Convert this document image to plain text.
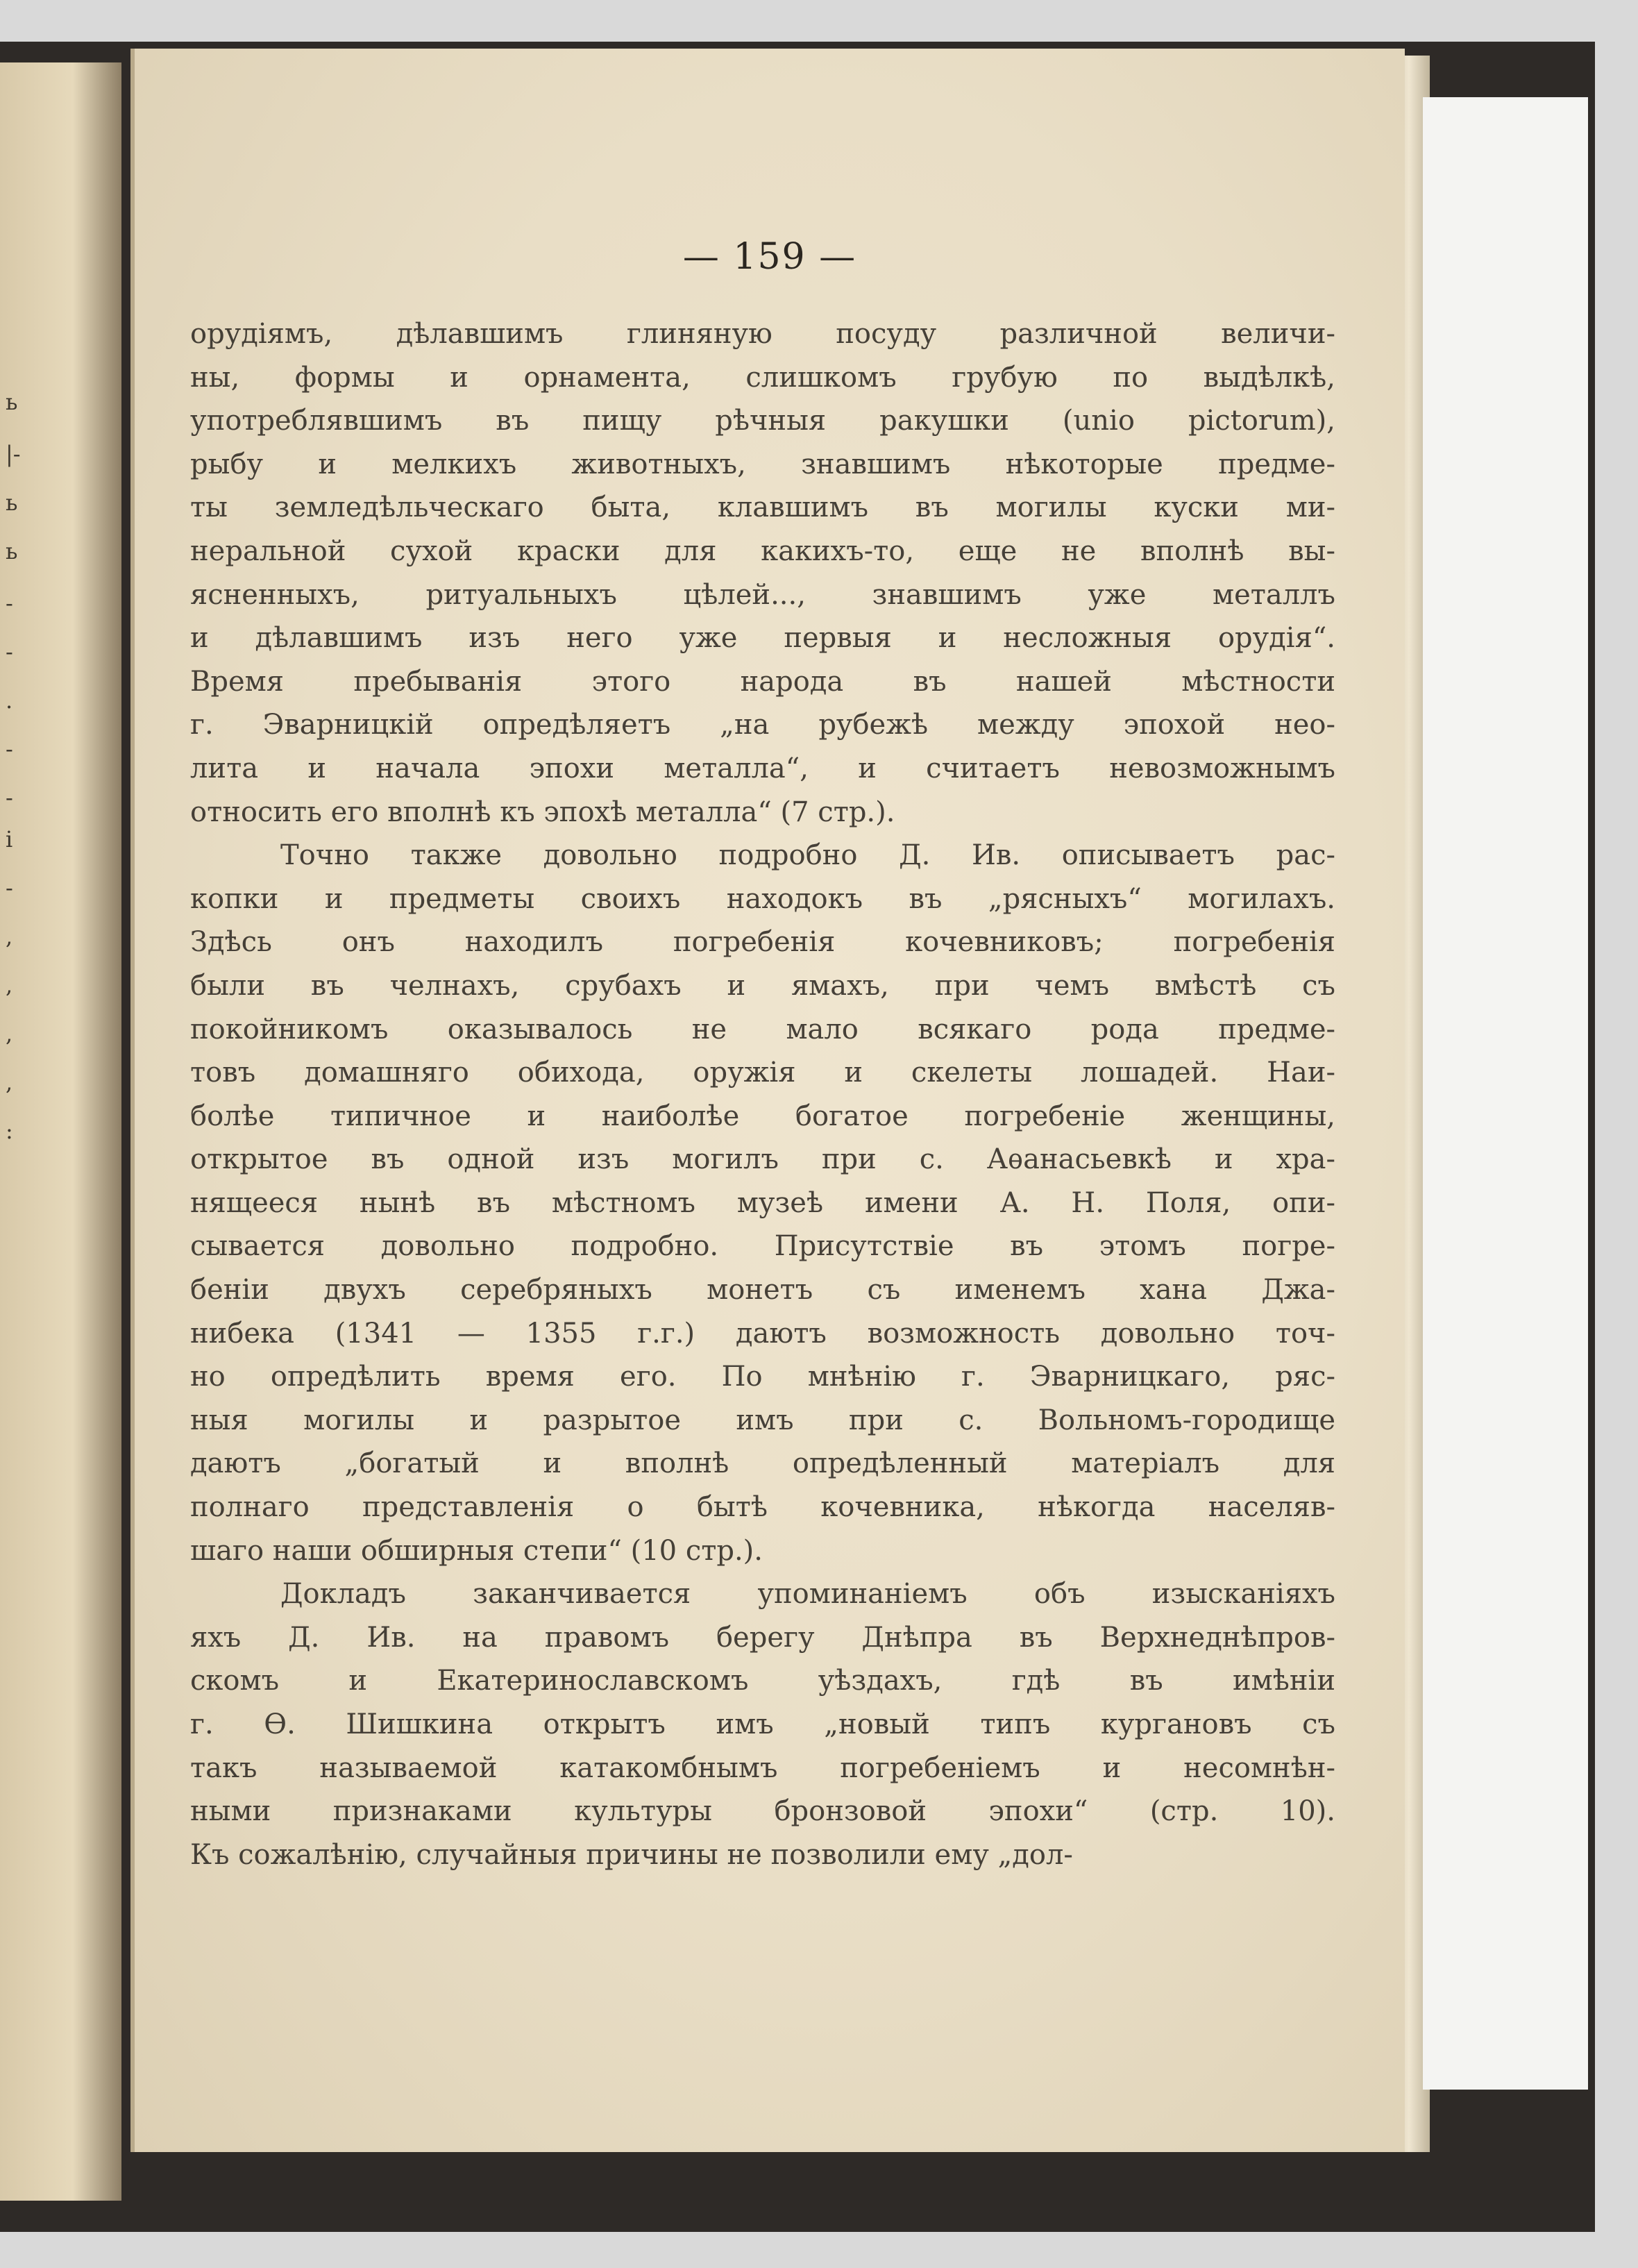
ь
|-
ь
ь
-
-
.
-
-
і
-
,
,
,
,
:
— 159 —
орудіямъ, дѣлавшимъ глиняную посуду различной величи-
ны, формы и орнамента, слишкомъ грубую по выдѣлкѣ,
употреблявшимъ въ пищу рѣчныя ракушки (unio pictorum),
рыбу и мелкихъ животныхъ, знавшимъ нѣкоторые предме-
ты земледѣльческаго быта, клавшимъ въ могилы куски ми-
неральной сухой краски для какихъ-то, еще не вполнѣ вы-
ясненныхъ, ритуальныхъ цѣлей..., знавшимъ уже металлъ
и дѣлавшимъ изъ него уже первыя и несложныя орудія“.
Время пребыванія этого народа въ нашей мѣстности
г. Эварницкій опредѣляетъ „на рубежѣ между эпохой нео-
лита и начала эпохи металла“, и считаетъ невозможнымъ
относить его вполнѣ къ эпохѣ металла“ (7 стр.).
Точно также довольно подробно Д. Ив. описываетъ рас-
копки и предметы своихъ находокъ въ „рясныхъ“ могилахъ.
Здѣсь онъ находилъ погребенія кочевниковъ; погребенія
были въ челнахъ, срубахъ и ямахъ, при чемъ вмѣстѣ съ
покойникомъ оказывалось не мало всякаго рода предме-
товъ домашняго обихода, оружія и скелеты лошадей. Наи-
болѣе типичное и наиболѣе богатое погребеніе женщины,
открытое въ одной изъ могилъ при с. Аѳанасьевкѣ и хра-
нящееся нынѣ въ мѣстномъ музеѣ имени А. Н. Поля, опи-
сывается довольно подробно. Присутствіе въ этомъ погре-
беніи двухъ серебряныхъ монетъ съ именемъ хана Джа-
нибека (1341 — 1355 г.г.) даютъ возможность довольно точ-
но опредѣлить время его. По мнѣнію г. Эварницкаго, ряс-
ныя могилы и разрытое имъ при с. Вольномъ-городище
даютъ „богатый и вполнѣ опредѣленный матеріалъ для
полнаго представленія о бытѣ кочевника, нѣкогда населяв-
шаго наши обширныя степи“ (10 стр.).
Докладъ заканчивается упоминаніемъ объ изысканіяхъ
яхъ Д. Ив. на правомъ берегу Днѣпра въ Верхнеднѣпров-
скомъ и Екатеринославскомъ уѣздахъ, гдѣ въ имѣніи
г. Ѳ. Шишкина открытъ имъ „новый типъ кургановъ съ
такъ называемой катакомбнымъ погребеніемъ и несомнѣн-
ными признаками культуры бронзовой эпохи“ (стр. 10).
Къ сожалѣнію, случайныя причины не позволили ему „дол-
